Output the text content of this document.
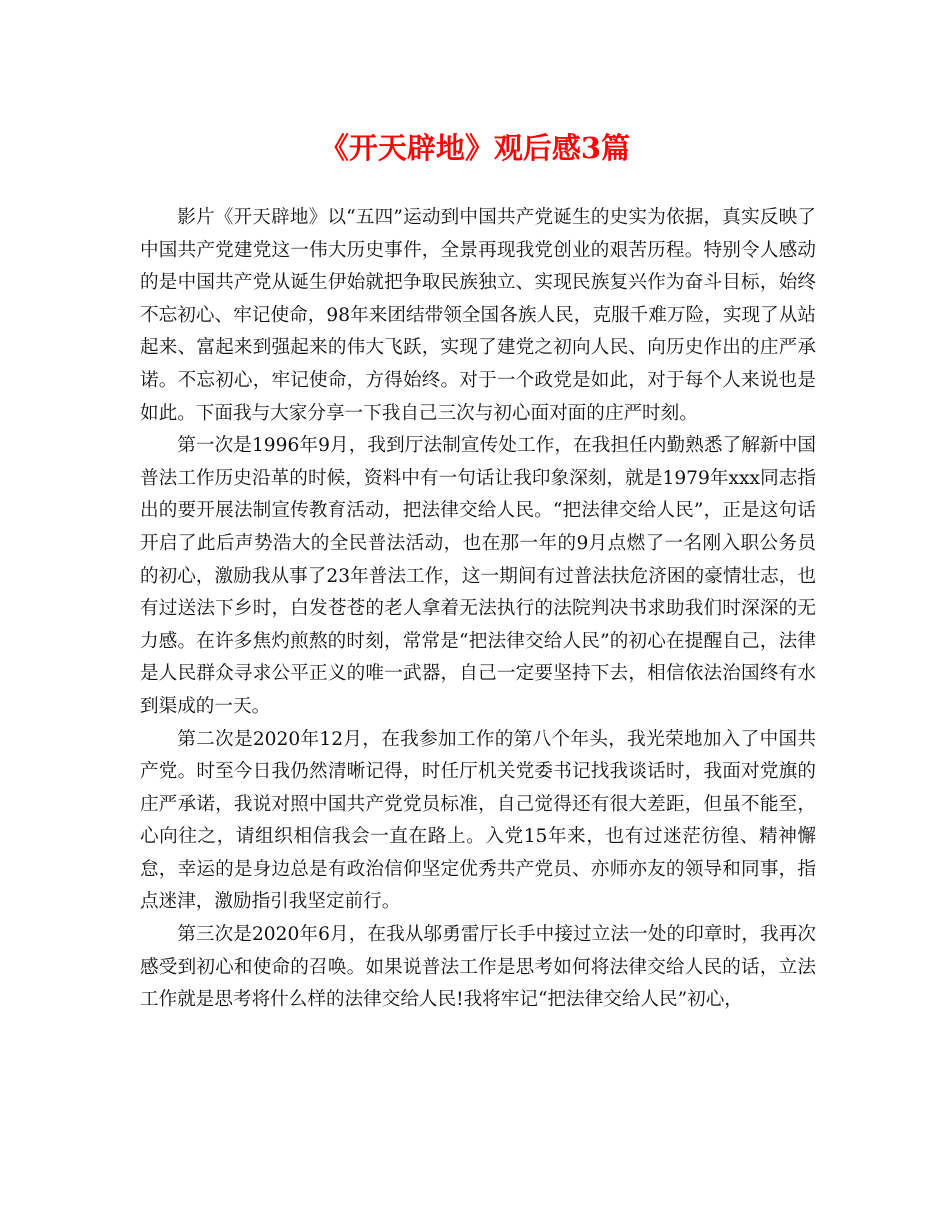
《开天辟地》观后感3篇

影片《开天辟地》以“五四”运动到中国共产党诞生的史实为依据，真实反映了中国共产党建党这一伟大历史事件，全景再现我党创业的艰苦历程。特别令人感动的是中国共产党从诞生伊始就把争取民族独立、实现民族复兴作为奋斗目标，始终不忘初心、牢记使命，98年来团结带领全国各族人民，克服千难万险，实现了从站起来、富起来到强起来的伟大飞跃，实现了建党之初向人民、向历史作出的庄严承诺。不忘初心，牢记使命，方得始终。对于一个政党是如此，对于每个人来说也是如此。下面我与大家分享一下我自己三次与初心面对面的庄严时刻。

第一次是1996年9月，我到厅法制宣传处工作，在我担任内勤熟悉了解新中国普法工作历史沿革的时候，资料中有一句话让我印象深刻，就是1979年xxx同志指出的要开展法制宣传教育活动，把法律交给人民。“把法律交给人民”，正是这句话开启了此后声势浩大的全民普法活动，也在那一年的9月点燃了一名刚入职公务员的初心，激励我从事了23年普法工作，这一期间有过普法扶危济困的豪情壮志，也有过送法下乡时，白发苍苍的老人拿着无法执行的法院判决书求助我们时深深的无力感。在许多焦灼煎熬的时刻，常常是“把法律交给人民”的初心在提醒自己，法律是人民群众寻求公平正义的唯一武器，自己一定要坚持下去，相信依法治国终有水到渠成的一天。

第二次是2020年12月，在我参加工作的第八个年头，我光荣地加入了中国共产党。时至今日我仍然清晰记得，时任厅机关党委书记找我谈话时，我面对党旗的庄严承诺，我说对照中国共产党党员标准，自己觉得还有很大差距，但虽不能至，心向往之，请组织相信我会一直在路上。入党15年来，也有过迷茫彷徨、精神懈怠，幸运的是身边总是有政治信仰坚定优秀共产党员、亦师亦友的领导和同事，指点迷津，激励指引我坚定前行。

第三次是2020年6月，在我从邬勇雷厅长手中接过立法一处的印章时，我再次感受到初心和使命的召唤。如果说普法工作是思考如何将法律交给人民的话，立法工作就是思考将什么样的法律交给人民!我将牢记“把法律交给人民”初心，
